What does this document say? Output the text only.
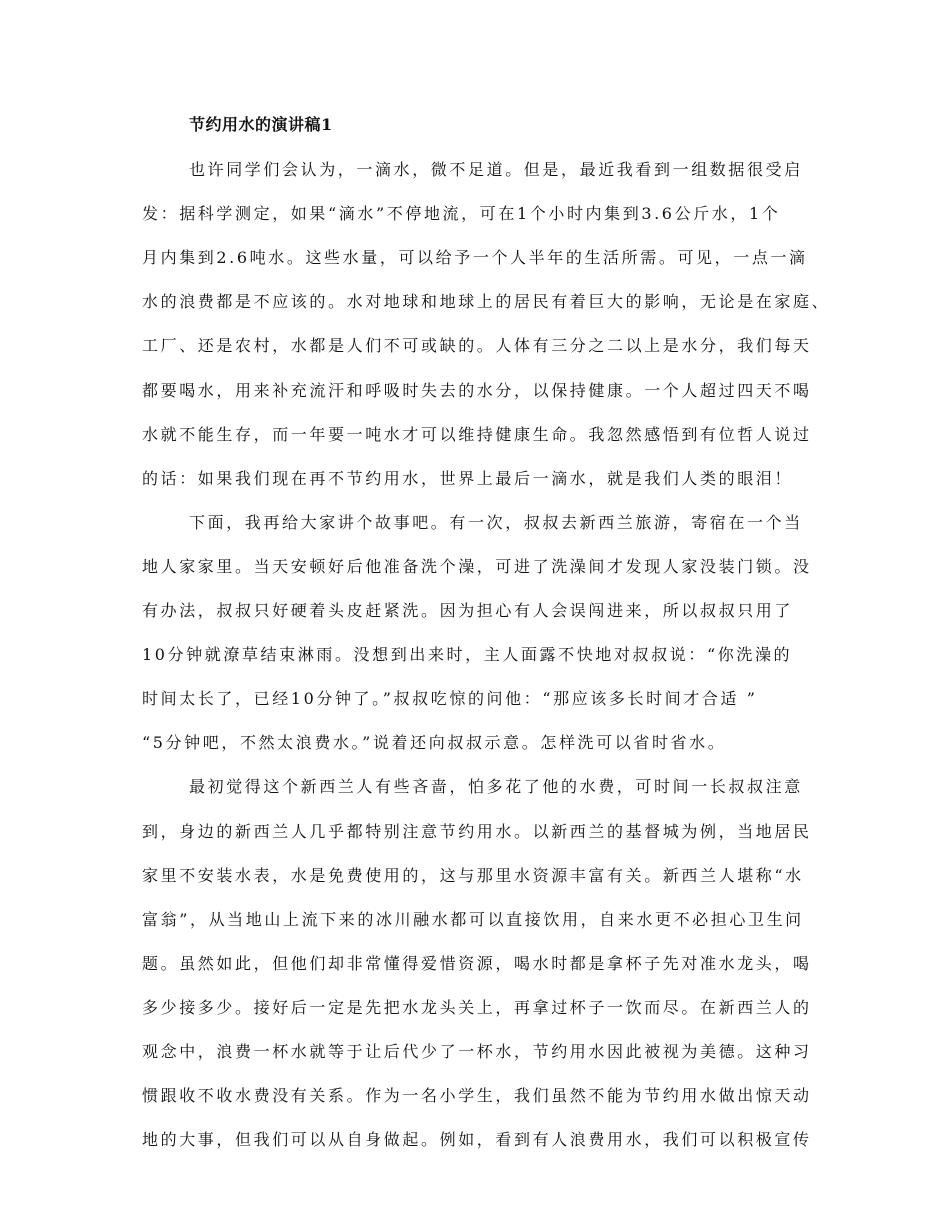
节约用水的演讲稿1
也许同学们会认为，一滴水，微不足道。但是，最近我看到一组数据很受启
发：据科学测定，如果“滴水”不停地流，可在1个小时内集到3.6公斤水，1个
月内集到2.6吨水。这些水量，可以给予一个人半年的生活所需。可见，一点一滴
水的浪费都是不应该的。水对地球和地球上的居民有着巨大的影响，无论是在家庭、
工厂、还是农村，水都是人们不可或缺的。人体有三分之二以上是水分，我们每天
都要喝水，用来补充流汗和呼吸时失去的水分，以保持健康。一个人超过四天不喝
水就不能生存，而一年要一吨水才可以维持健康生命。我忽然感悟到有位哲人说过
的话：如果我们现在再不节约用水，世界上最后一滴水，就是我们人类的眼泪！
下面，我再给大家讲个故事吧。有一次，叔叔去新西兰旅游，寄宿在一个当
地人家家里。当天安顿好后他准备洗个澡，可进了洗澡间才发现人家没装门锁。没
有办法，叔叔只好硬着头皮赶紧洗。因为担心有人会误闯进来，所以叔叔只用了
10分钟就潦草结束淋雨。没想到出来时，主人面露不快地对叔叔说：“你洗澡的
时间太长了，已经10分钟了。”叔叔吃惊的问他：“那应该多长时间才合适 ”
“5分钟吧，不然太浪费水。”说着还向叔叔示意。怎样洗可以省时省水。
最初觉得这个新西兰人有些吝啬，怕多花了他的水费，可时间一长叔叔注意
到，身边的新西兰人几乎都特别注意节约用水。以新西兰的基督城为例，当地居民
家里不安装水表，水是免费使用的，这与那里水资源丰富有关。新西兰人堪称“水
富翁”，从当地山上流下来的冰川融水都可以直接饮用，自来水更不必担心卫生问
题。虽然如此，但他们却非常懂得爱惜资源，喝水时都是拿杯子先对准水龙头，喝
多少接多少。接好后一定是先把水龙头关上，再拿过杯子一饮而尽。在新西兰人的
观念中，浪费一杯水就等于让后代少了一杯水，节约用水因此被视为美德。这种习
惯跟收不收水费没有关系。作为一名小学生，我们虽然不能为节约用水做出惊天动
地的大事，但我们可以从自身做起。例如，看到有人浪费用水，我们可以积极宣传
